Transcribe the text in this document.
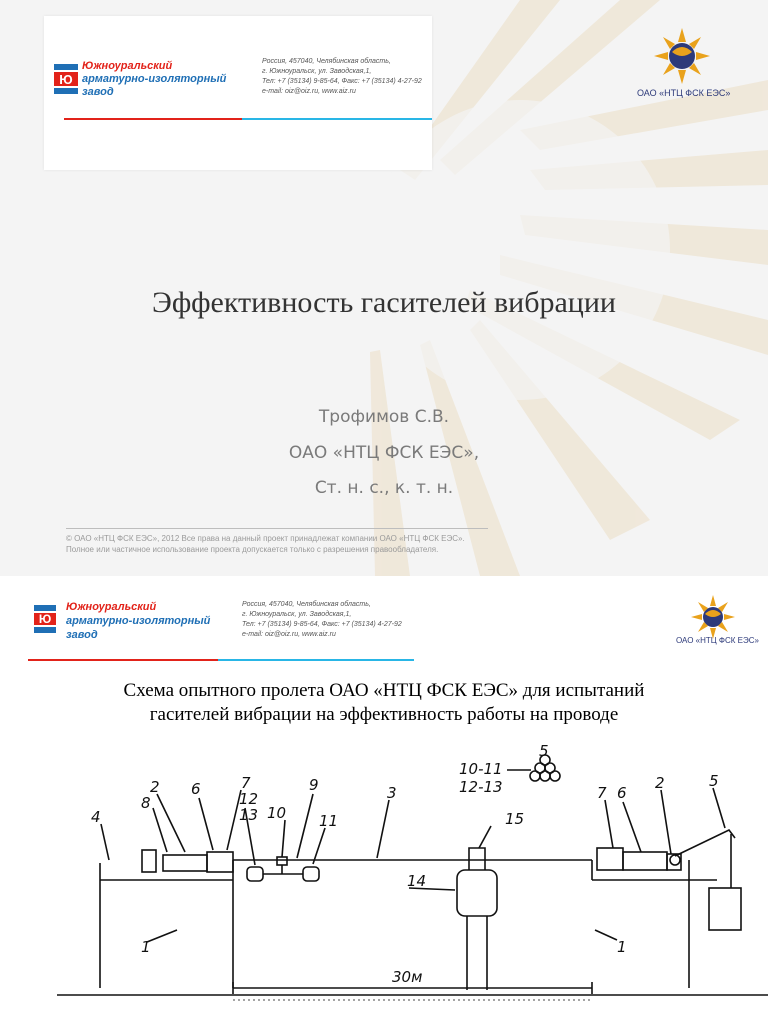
Ю
Южноуральский
арматурно-изоляторный
завод
Россия, 457040, Челябинская область,
г. Южноуральск, ул. Заводская,1,
Тел: +7 (35134) 9-85-64, Факс: +7 (35134) 4-27-92
e-mail: oiz@oiz.ru, www.aiz.ru	ОАО «НТЦ ФСК ЕЭС»
Эффективность гасителей вибрации
Трофимов С.В.
ОАО «НТЦ ФСК ЕЭС»,
Ст. н. с., к. т. н.
© ОАО «НТЦ ФСК ЕЭС», 2012 Все права на данный проект принадлежат компании ОАО «НТЦ ФСК ЕЭС».
Полное или частичное использование проекта допускается только с разрешения правообладателя.
Ю
Южноуральский
арматурно-изоляторный
завод
Россия, 457040, Челябинская область,
г. Южноуральск, ул. Заводская,1,
Тел: +7 (35134) 9-85-64, Факс: +7 (35134) 4-27-92
e-mail: oiz@oiz.ru, www.aiz.ru
ОАО «НТЦ ФСК ЕЭС»
Схема опытного пролета ОАО «НТЦ ФСК ЕЭС» для испытаний
гасителей вибрации на эффективность работы на проводе
4
8
2 6	7
12
13 10
9
11
3
14
15
10-11
12-13
5
7 6
2	5
1	1
30м
